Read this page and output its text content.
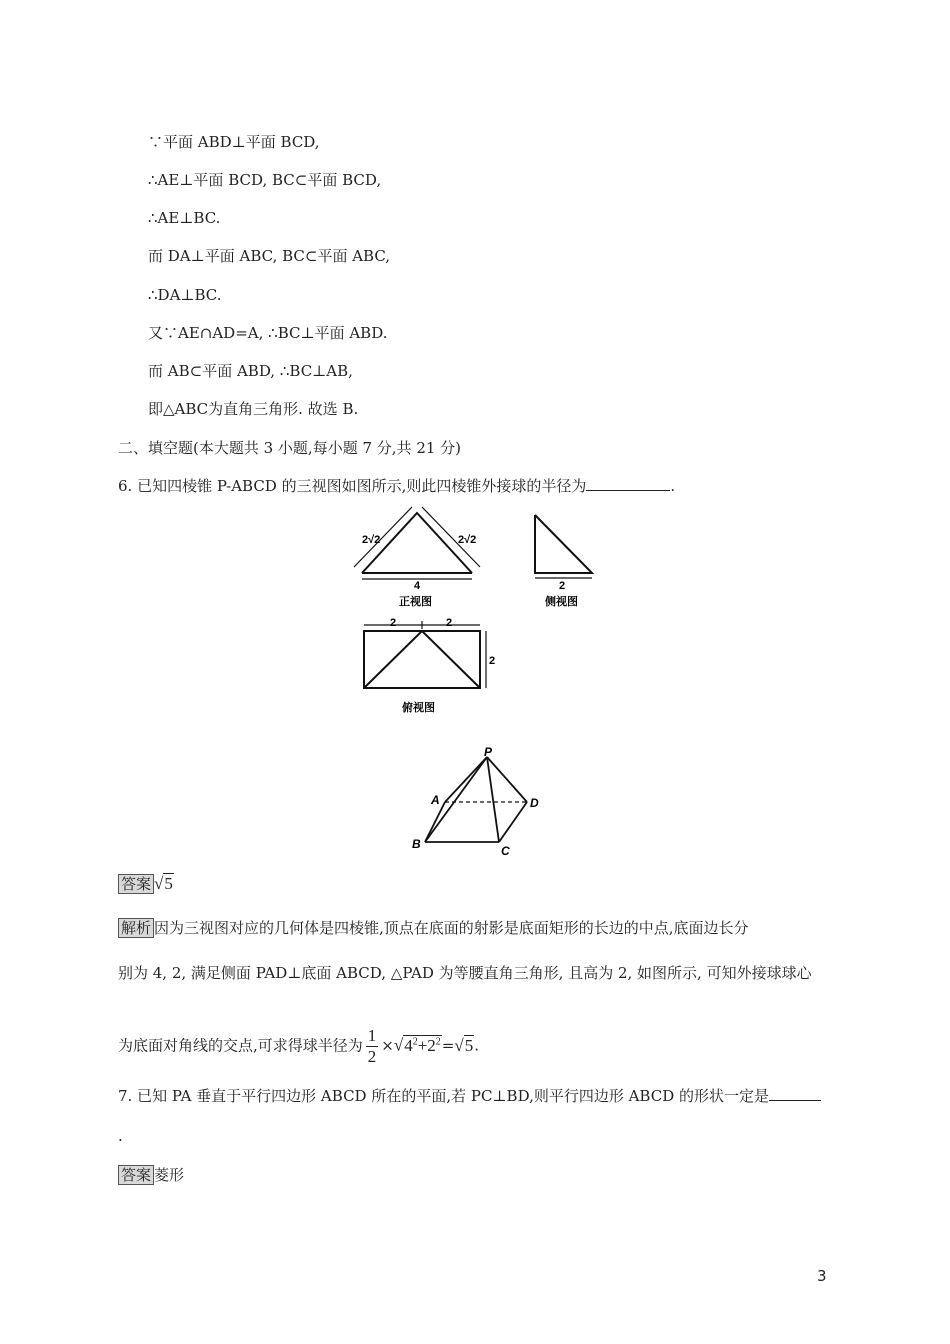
∵平面 ABD⊥平面 BCD,
∴AE⊥平面 BCD, BC⊂平面 BCD,
∴AE⊥BC.
而 DA⊥平面 ABC, BC⊂平面 ABC,
∴DA⊥BC.
又∵AE∩AD=A, ∴BC⊥平面 ABD.
而 AB⊂平面 ABD, ∴BC⊥AB,
即△ABC为直角三角形. 故选 B.
二、填空题(本大题共 3 小题,每小题 7 分,共 21 分)
6. 已知四棱锥 P-ABCD 的三视图如图所示,则此四棱锥外接球的半径为	.
2√2	2√2
4
正视图
2
侧视图
2	2
2
俯视图
P
A
B	C
D
答案 √5
解析 因为三视图对应的几何体是四棱锥,顶点在底面的射影是底面矩形的长边的中点,底面边长分
别为 4, 2, 满足侧面 PAD⊥底面 ABCD, △PAD 为等腰直角三角形, 且高为 2, 如图所示, 可知外接球球心
为底面对角线的交点,可求得球半径为 $\frac{1}{2} \times√4^2+2^2=√5$.
7. 已知 PA 垂直于平行四边形 ABCD 所在的平面,若 PC⊥BD,则平行四边形 ABCD 的形状一定是
.
答案 菱形
3
